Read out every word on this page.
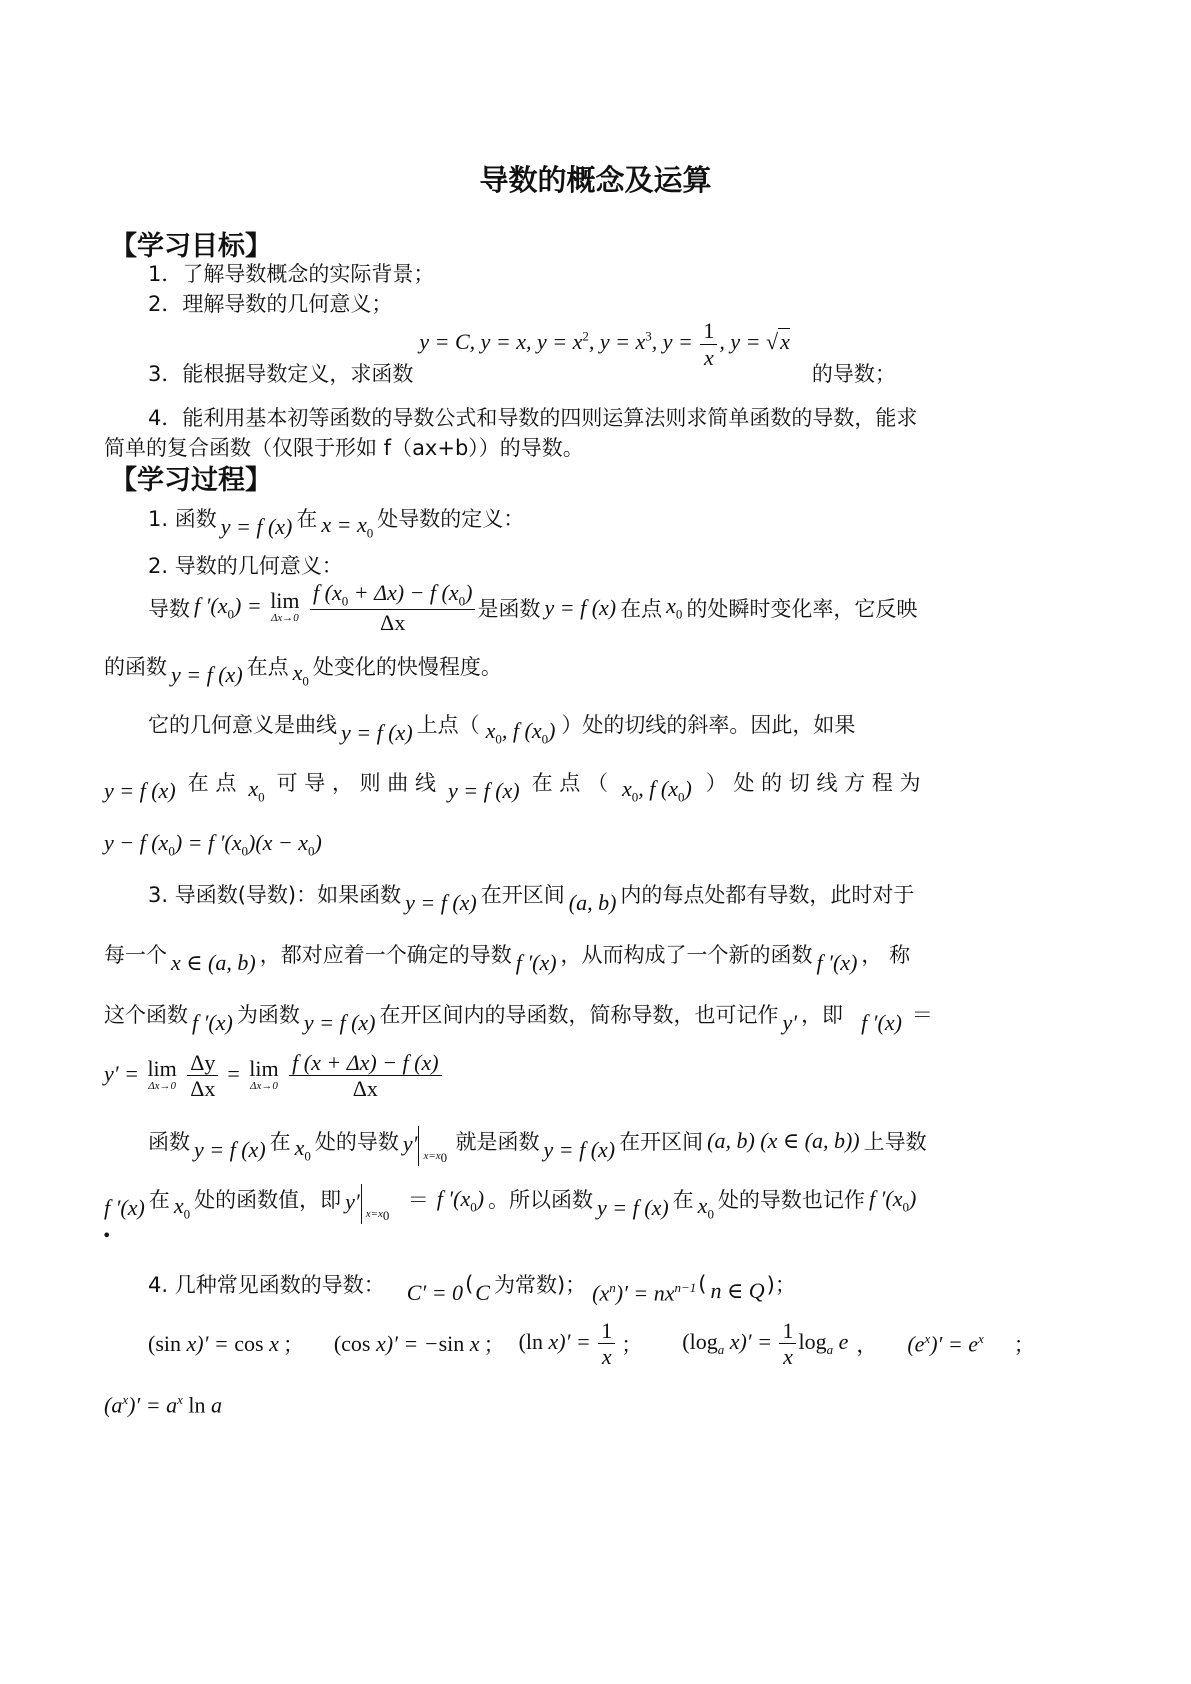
导数的概念及运算
【学习目标】
1．了解导数概念的实际背景；
2．理解导数的几何意义；
3．能根据导数定义，求函数
y = C, y = x, $y = x^2$, $y = x^3$, $y = \frac{1}{x}$ , y = √x
的导数；
4．能利用基本初等函数的导数公式和导数的四则运算法则求简单函数的导数，能求
简单的复合函数（仅限于形如 f（ax+b））的导数。
【学习过程】
1. 函数 y = f (x) 在 $x = x_0$
处导数的定义：
2. 导数的几何意义：
导数 f $'(x_0) = \lim$
Δx→0
$\frac{f (x_0 + \Delta x) - f (x_0)}{\Delta x}$ 是函数 y = f (x) 在点 $x_0$ 的处瞬时变化率，它反映
的函数 y = f (x) 在点 $x_0$
处变化的快慢程度。
它的几何意义是曲线 y = f (x) 上点（ $x_0$, f $(x_0)$ ）处的切线的斜率。因此，如果
y = f (x) 在 点 $x_0$
可 导 ， 则 曲 线 y = f (x) 在 点 （ $x_0$, f $(x_0)$ ） 处 的 切 线 方 程 为
y − f $(x_0) = f$ $'(x_0)(x - x_0)$
3. 导函数(导数)：如果函数 y = f (x) 在开区间 (a, b) 内的每点处都有导数，此时对于
每一个 x ∈ (a, b) ，都对应着一个确定的导数 f ′(x) ，从而构成了一个新的函数 f ′(x) ， 称
这个函数 f ′(x) 为函数 y = f (x) 在开区间内的导函数，简称导数，也可记作 y′ ，即 f ′(x) ＝
y′ = lim
Δx→0
$\frac{\Delta y}{\Delta x} = \lim$
Δx→0
$\frac{f (x + \Delta x) - f (x)}{\Delta x}$
函数 y = f (x) 在 $x_0$
处的导数 y′ $x=x_0$
就是函数 y = f (x) 在开区间 (a, b) (x ∈ (a, b)) 上导数
f ′(x) 在 $x_0$
处的函数值，即 y′ $x=x_0$
＝ f $'(x_0)$ 。所以函数 y = f (x) 在 $x_0$
处的导数也记作 f $'(x_0)$
•
4. 几种常见函数的导数： C′ = 0 ( C 为常数)； $(x^n)' = nx^{n-1}$ ( n ∈ Q )；
(sin x)′ = cos x ； (cos x)′ = −sin x ； (ln $x)' = \frac{1}{x}$ ； ($\log_a$ $x)' = \frac{1}{x} \log_a e$ ， $(e^x)' = e^x$ ；
$(a^x)' = a^x$ ln a
